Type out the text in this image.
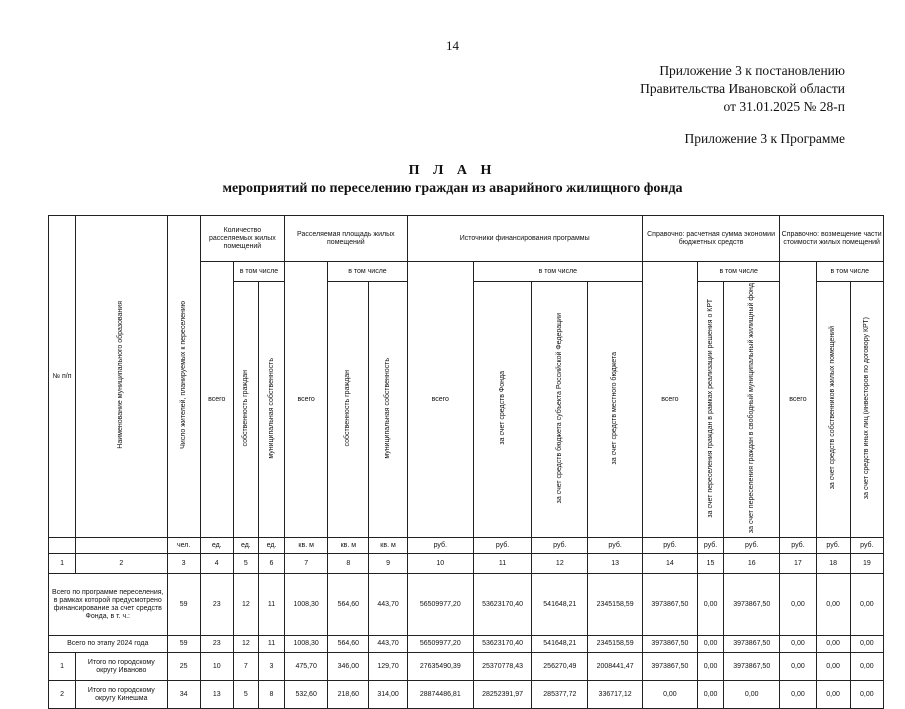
14
Приложение 3 к постановлению
Правительства Ивановской области
от 31.01.2025 № 28-п
Приложение 3 к Программе
П Л А Н
мероприятий по переселению граждан из аварийного жилищного фонда
№ п/п	Наименование муниципального образования	Число жителей, планируемых к переселению	Количество расселяемых жилых помещений			Расселяемая площадь жилых помещений			Источники финансирования программы				Справочно: расчетная сумма экономии бюджетных средств			Справочно: возмещение части стоимости жилых помещений		
			всего	в том числе		всего	в том числе		всего	в том числе			всего	в том числе		всего	в том числе	
				собственность граждан	муниципальная собственность		собственность граждан	муниципальная собственность		за счет средств Фонда	за счет средств бюджета субъекта Российской Федерации	за счет средств местного бюджета		за счет переселения граждан в рамках реализации решения о КРТ	за счет переселения граждан в свободный муниципальный жилищный фонд		за счет средств собственников жилых помещений	за счет средств иных лиц (инвесторов по договору КРТ)
		чел.	ед.	ед.	ед.	кв. м	кв. м	кв. м	руб.	руб.	руб.	руб.	руб.	руб.	руб.	руб.	руб.	руб.
1	2	3	4	5	6	7	8	9	10	11	12	13	14	15	16	17	18	19
Всего по программе переселения, в рамках которой предусмотрено финансирование за счет средств Фонда, в т. ч.:		59	23	12	11	1008,30	564,60	443,70	56509977,20	53623170,40	541648,21	2345158,59	3973867,50	0,00	3973867,50	0,00	0,00	0,00
Всего по этапу 2024 года		59	23	12	11	1008,30	564,60	443,70	56509977,20	53623170,40	541648,21	2345158,59	3973867,50	0,00	3973867,50	0,00	0,00	0,00
1	Итого по городскому округу Иваново	25	10	7	3	475,70	346,00	129,70	27635490,39	25370778,43	256270,49	2008441,47	3973867,50	0,00	3973867,50	0,00	0,00	0,00
2	Итого по городскому округу Кинешма	34	13	5	8	532,60	218,60	314,00	28874486,81	28252391,97	285377,72	336717,12	0,00	0,00	0,00	0,00	0,00	0,00
